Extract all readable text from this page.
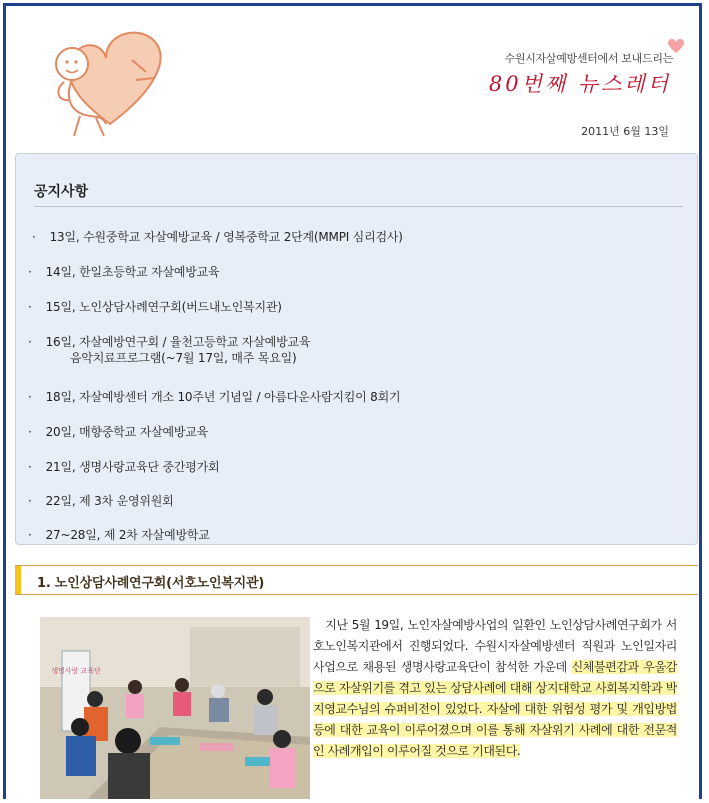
수원시자살예방센터에서 보내드리는
80번째 뉴스레터
2011년 6월 13일
공지사항
· 13일, 수원중학교 자살예방교육 / 영복중학교 2단계(MMPI 심리검사)
· 14일, 한일초등학교 자살예방교육
· 15일, 노인상담사례연구회(버드내노인복지관)
· 16일, 자살예방연구회 / 율천고등학교 자살예방교육
음악치료프로그램(~7월 17일, 매주 목요일)
· 18일, 자살예방센터 개소 10주년 기념일 / 아름다운사람지킴이 8회기
· 20일, 매향중학교 자살예방교육
· 21일, 생명사랑교육단 중간평가회
· 22일, 제 3차 운영위원회
· 27~28일, 제 2차 자살예방학교
1. 노인상담사례연구회(서호노인복지관)
생명사랑 교육단

지난 5월 19일, 노인자살예방사업의 일환인 노인상담사례연구회가 서호노인복지관에서 진행되었다. 수원시자살예방센터 직원과 노인일자리사업으로 채용된 생명사랑교육단이 참석한 가운데 신체불편감과 우울감으로 자살위기를 겪고 있는 상담사례에 대해 상지대학교 사회복지학과 박지영교수님의 슈퍼비전이 있었다. 자살에 대한 위험성 평가 및 개입방법 등에 대한 교육이 이루어졌으며 이를 통해 자살위기 사례에 대한 전문적인 사례개입이 이루어질 것으로 기대된다.
